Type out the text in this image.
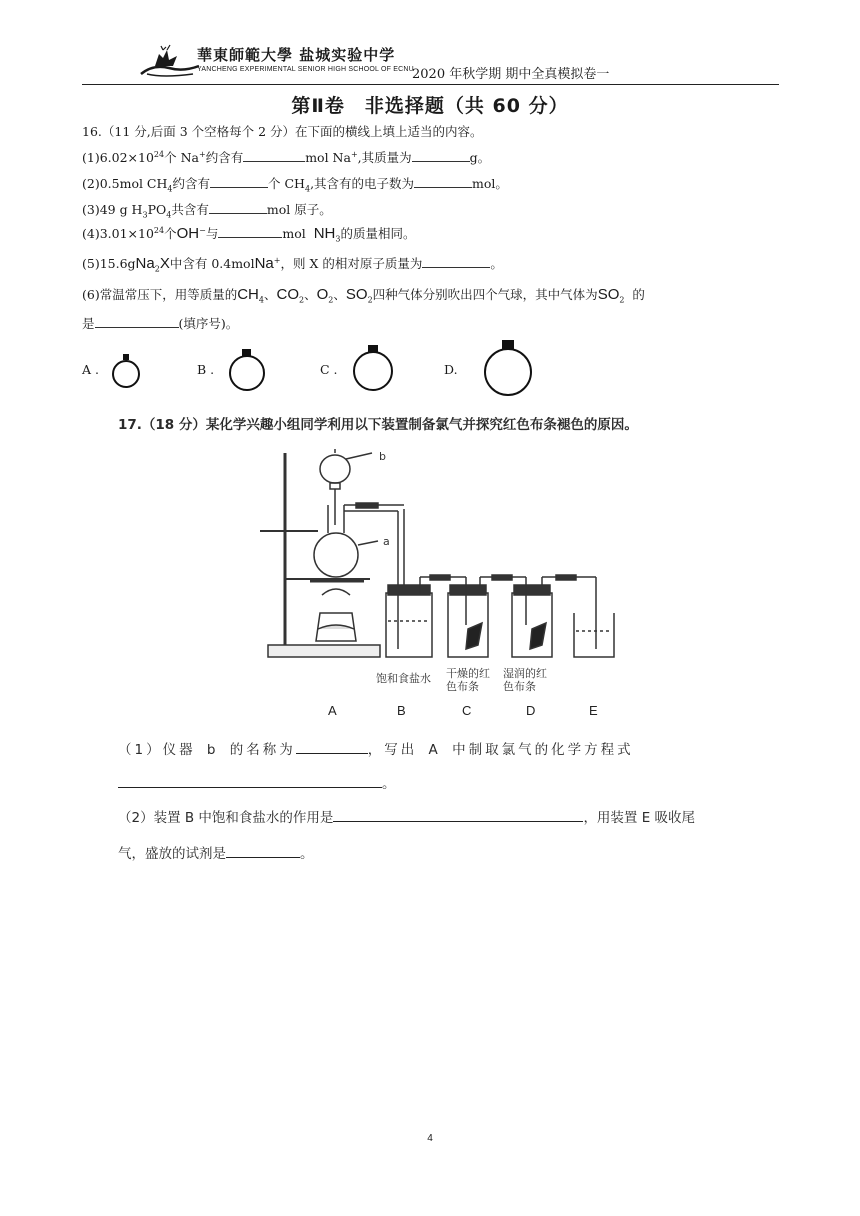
華東師範大學 盐城实验中学
YANCHENG EXPERIMENTAL SENIOR HIGH SCHOOL OF ECNU
2020 年秋学期 期中全真模拟卷一
第Ⅱ卷　非选择题（共 60 分）
16.（11 分,后面 3 个空格每个 2 分）在下面的横线上填上适当的内容。
$(1)6.02\times 10^{24}$个 Na+约含有	mol Na+,其质量为	g。
(2)0.5mol $CH_4$约含有	个 $CH_4$,其含有的电子数为	mol。
(3)49 g $H_3PO_4$共含有	mol 原子。
$(4)3.01\times 10^{24}$个OH−与	mol $NH_3$的质量相同。
(5)15.6gNa$_2$X中含有 0.4molNa+，则 X 的相对原子质量为	。
(6)常温常压下，用等质量的$CH_4$、$CO_2$、$O_2$、$SO_2$四种气体分别吹出四个气球，其中气体为$SO_2$ 的
是	(填序号)。
A .	B .	C .	D.
17.（18 分）某化学兴趣小组同学利用以下装置制备氯气并探究红色布条褪色的原因。
b
a
饱和食盐水 干燥的红
色布条
湿润的红
色布条
A	B	C	D	E
（1）仪器 b 的名称为	，写出 A 中制取氯气的化学方程式
。
（2）装置 B 中饱和食盐水的作用是	，用装置 E 吸收尾
气，盛放的试剂是	。
4
